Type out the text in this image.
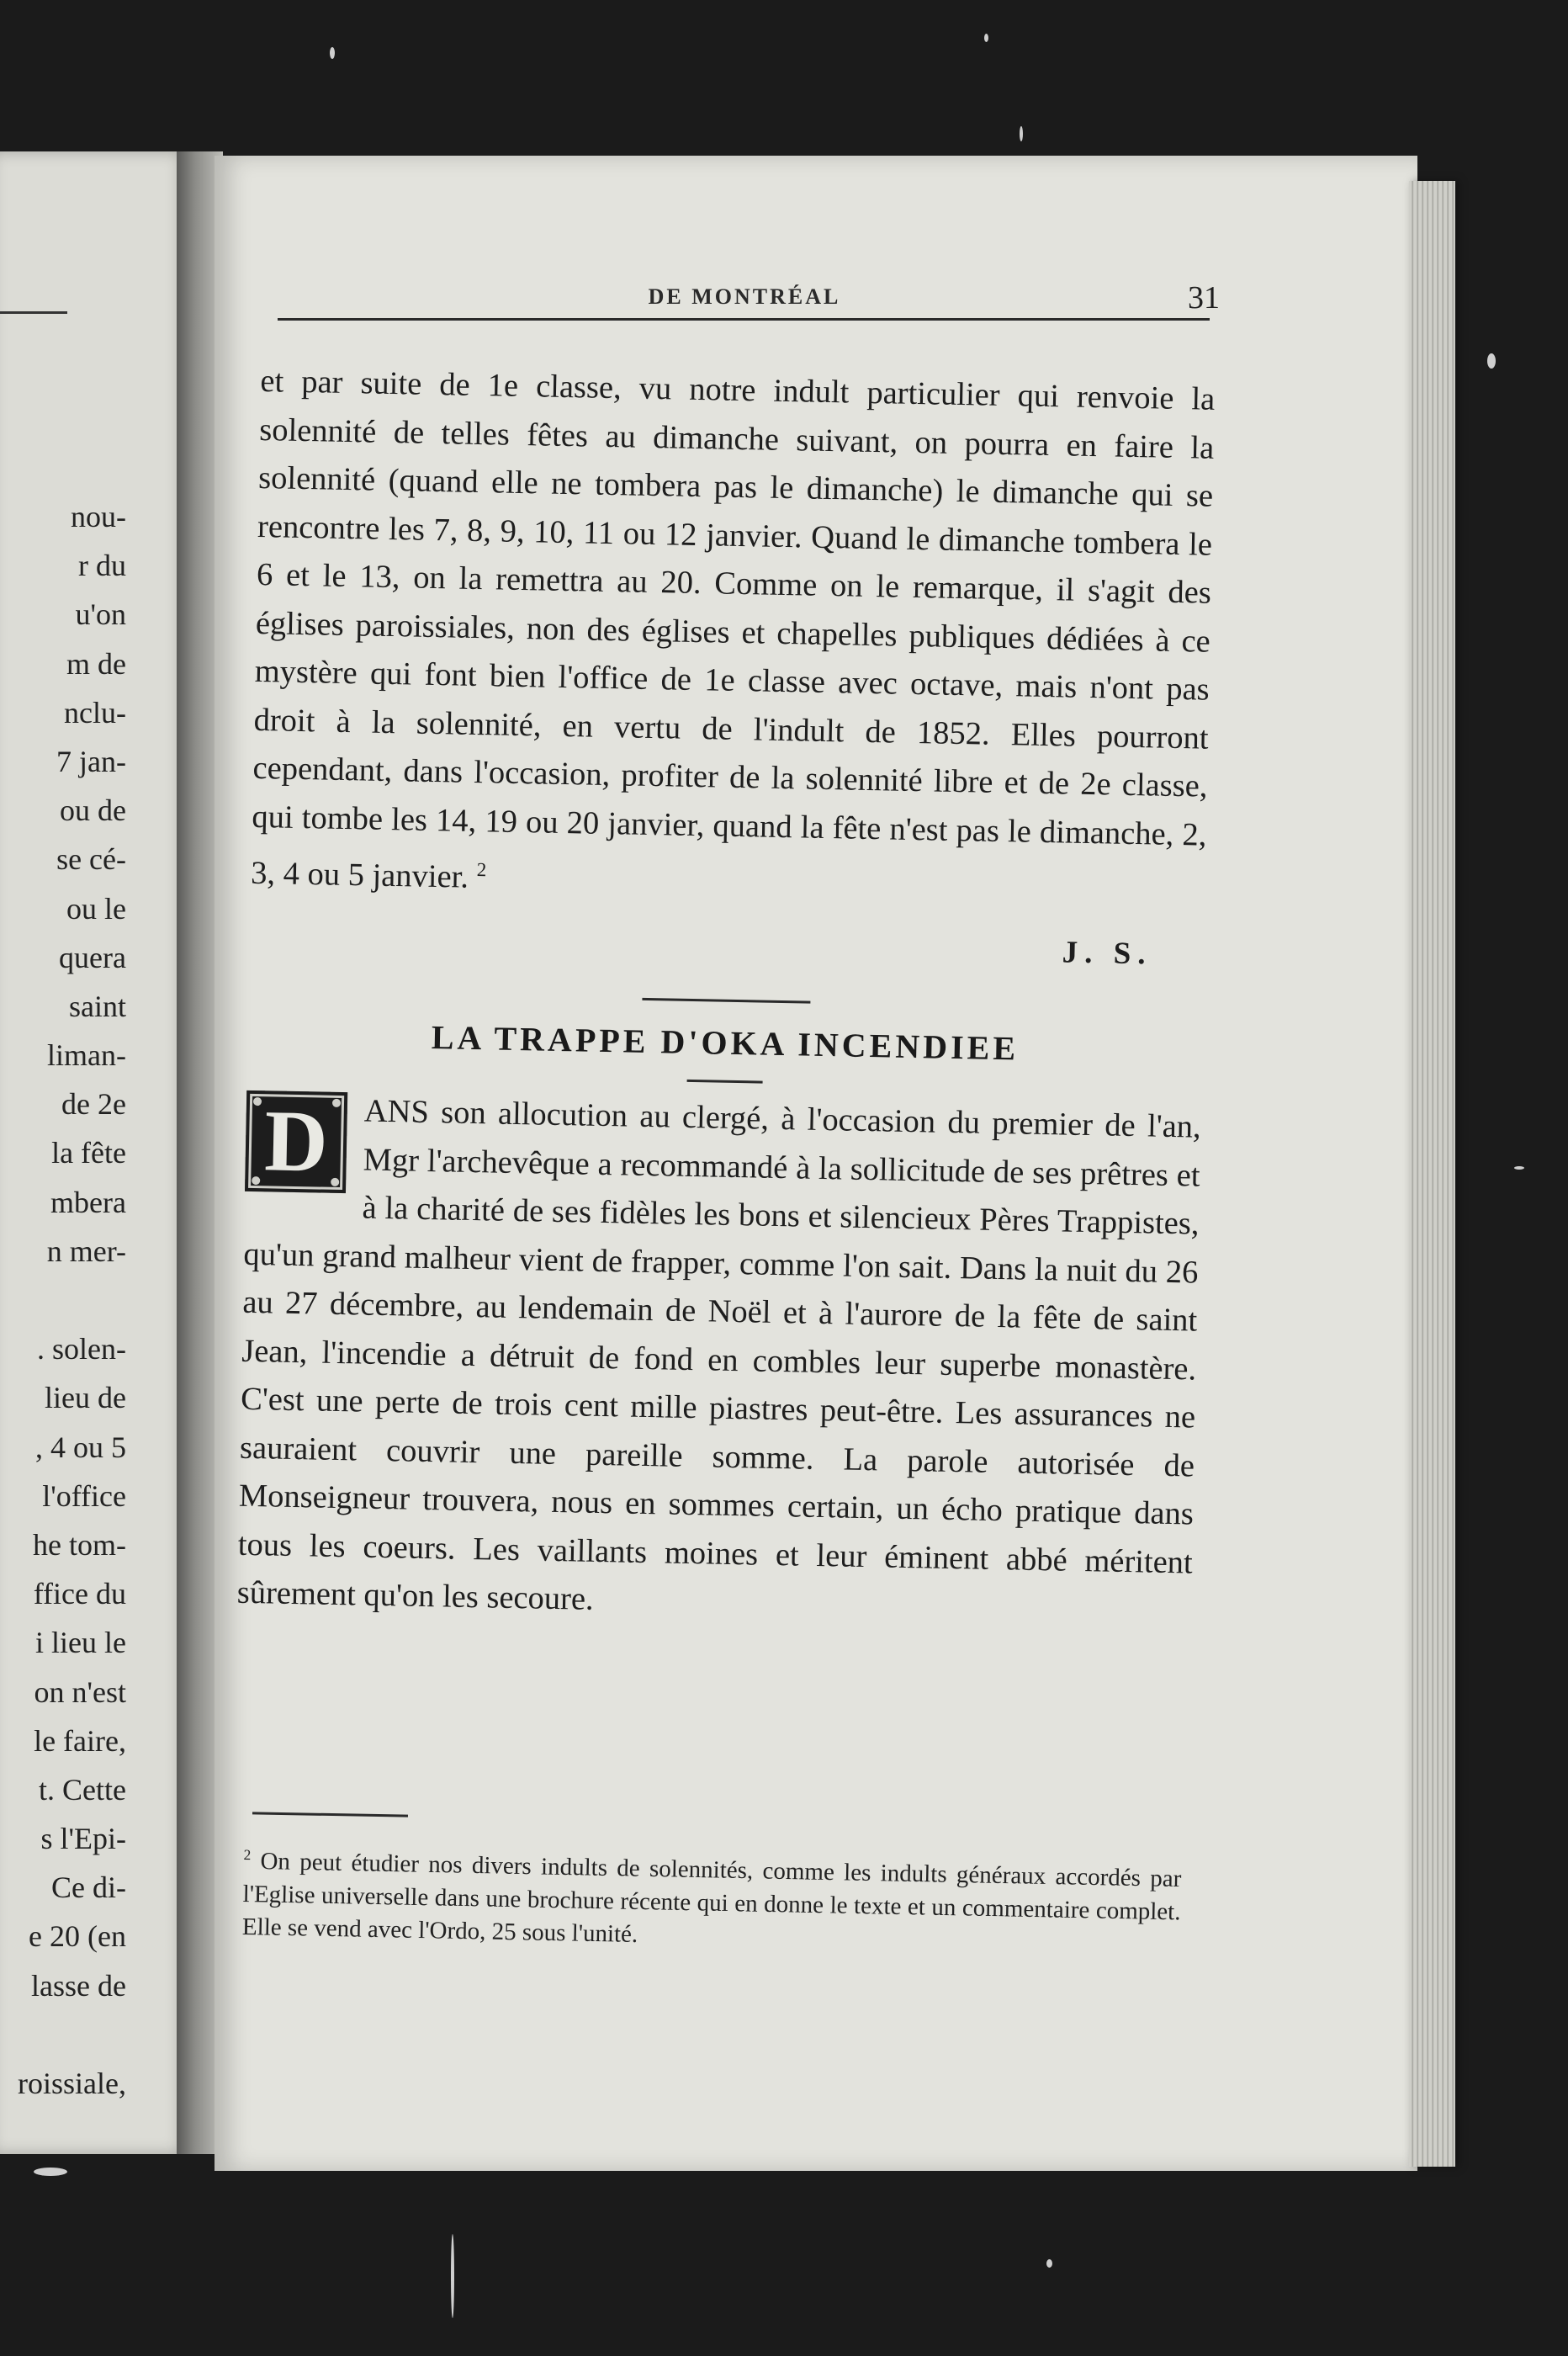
nou-
r du
u'on
m de
nclu-
7 jan-
ou de
se cé-
ou le
quera
saint
liman-
de 2e
la fête
mbera
n mer-
. solen-
lieu de
, 4 ou 5
l'office
he tom-
ffice du
i lieu le
on n'est
le faire,
t. Cette
s l'Epi-
Ce di-
e 20 (en
lasse de
roissiale,
DE MONTRÉAL	31

et par suite de 1e classe, vu notre indult particulier qui renvoie la solennité de telles fêtes au dimanche suivant, on pourra en faire la solennité (quand elle ne tombera pas le dimanche) le dimanche qui se rencontre les 7, 8, 9, 10, 11 ou 12 janvier. Quand le dimanche tombera le 6 et le 13, on la remettra au 20. Comme on le remarque, il s'agit des églises paroissiales, non des églises et chapelles publiques dédiées à ce mystère qui font bien l'office de 1e classe avec octave, mais n'ont pas droit à la solennité, en vertu de l'indult de 1852. Elles pourront cependant, dans l'occasion, profiter de la solennité libre et de 2e classe, qui tombe les 14, 19 ou 20 janvier, quand la fête n'est pas le dimanche, 2, 3, 4 ou 5 janvier. $^2$

J. S.
LA TRAPPE D'OKA INCENDIEE
D	ANS son allocution au clergé, à l'occasion du premier de l'an, Mgr l'archevêque a recommandé à la sollicitude de ses prêtres et à la charité de ses fidèles les bons et silencieux Pères Trappistes, qu'un grand malheur vient de frapper, comme l'on sait. Dans la nuit du 26 au 27 décembre, au lendemain de Noël et à l'aurore de la fête de saint Jean, l'incendie a détruit de fond en combles leur superbe monastère. C'est une perte de trois cent mille piastres peut-être. Les assurances ne sauraient couvrir une pareille somme. La parole autorisée de Monseigneur trouvera, nous en sommes certain, un écho pratique dans tous les coeurs. Les vaillants moines et leur éminent abbé méritent sûrement qu'on les secoure.

$^2$ On peut étudier nos divers indults de solennités, comme les indults généraux accordés par l'Eglise universelle dans une brochure récente qui en donne le texte et un commentaire complet. Elle se vend avec l'Ordo, 25 sous l'unité.
